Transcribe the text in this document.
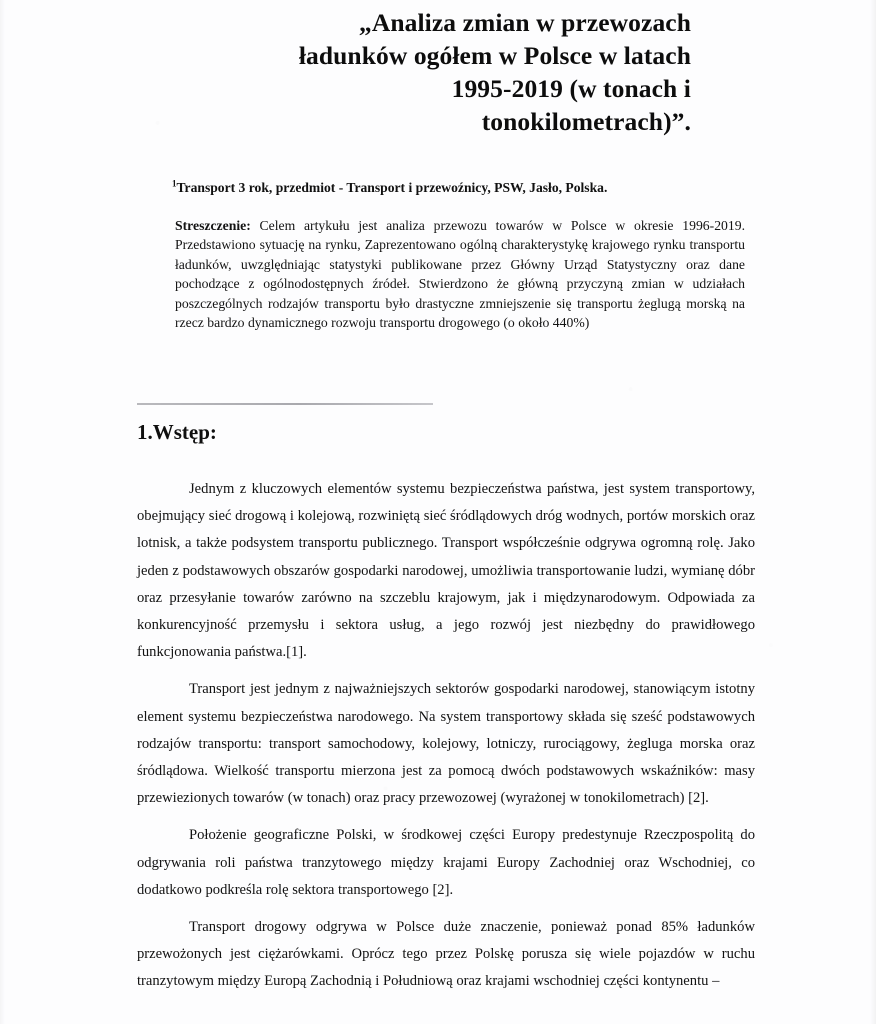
„Analiza zmian w przewozach
ładunków ogółem w Polsce w latach
1995-2019 (w tonach i
tonokilometrach)”.
$^1$Transport 3 rok, przedmiot - Transport i przewoźnicy, PSW, Jasło, Polska.
Streszczenie: Celem artykułu jest analiza przewozu towarów w Polsce w okresie 1996-2019. Przedstawiono sytuację na rynku, Zaprezentowano ogólną charakterystykę krajowego rynku transportu ładunków, uwzględniając statystyki publikowane przez Główny Urząd Statystyczny oraz dane pochodzące z ogólnodostępnych źródeł. Stwierdzono że główną przyczyną zmian w udziałach poszczególnych rodzajów transportu było drastyczne zmniejszenie się transportu żeglugą morską na rzecz bardzo dynamicznego rozwoju transportu drogowego (o około 440%)
1.Wstęp:

Jednym z kluczowych elementów systemu bezpieczeństwa państwa, jest system transportowy, obejmujący sieć drogową i kolejową, rozwiniętą sieć śródlądowych dróg wodnych, portów morskich oraz lotnisk, a także podsystem transportu publicznego. Transport współcześnie odgrywa ogromną rolę. Jako jeden z podstawowych obszarów gospodarki narodowej, umożliwia transportowanie ludzi, wymianę dóbr oraz przesyłanie towarów zarówno na szczeblu krajowym, jak i międzynarodowym. Odpowiada za konkurencyjność przemysłu i sektora usług, a jego rozwój jest niezbędny do prawidłowego funkcjonowania państwa.[1].

Transport jest jednym z najważniejszych sektorów gospodarki narodowej, stanowiącym istotny element systemu bezpieczeństwa narodowego. Na system transportowy składa się sześć podstawowych rodzajów transportu: transport samochodowy, kolejowy, lotniczy, rurociągowy, żegluga morska oraz śródlądowa. Wielkość transportu mierzona jest za pomocą dwóch podstawowych wskaźników: masy przewiezionych towarów (w tonach) oraz pracy przewozowej (wyrażonej w tonokilometrach) [2].

Położenie geograficzne Polski, w środkowej części Europy predestynuje Rzeczpospolitą do odgrywania roli państwa tranzytowego między krajami Europy Zachodniej oraz Wschodniej, co dodatkowo podkreśla rolę sektora transportowego [2].

Transport drogowy odgrywa w Polsce duże znaczenie, ponieważ ponad 85% ładunków przewożonych jest ciężarówkami. Oprócz tego przez Polskę porusza się wiele pojazdów w ruchu tranzytowym między Europą Zachodnią i Południową oraz krajami wschodniej części kontynentu –
